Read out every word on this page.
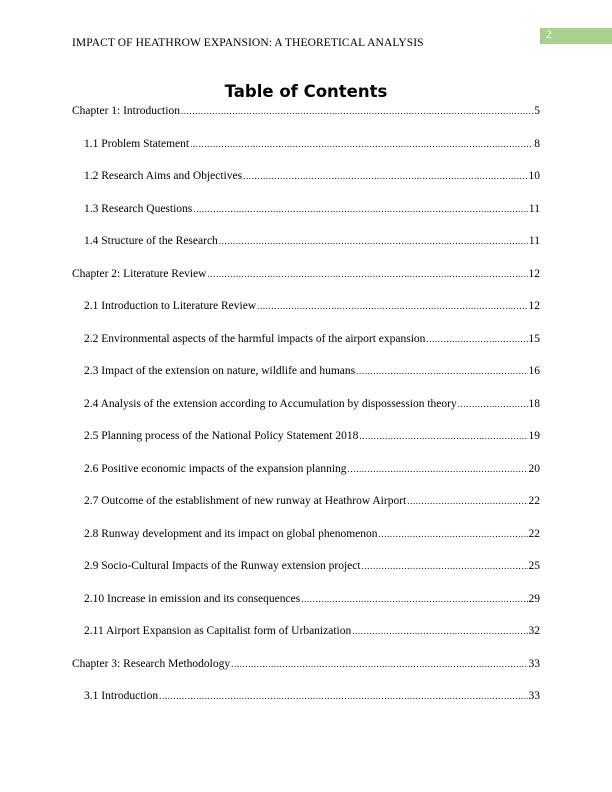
IMPACT OF HEATHROW EXPANSION: A THEORETICAL ANALYSIS
2
Table of Contents
Chapter 1: Introduction .....	5
1.1 Problem Statement .....	8
1.2 Research Aims and Objectives .....	10
1.3 Research Questions .....	11
1.4 Structure of the Research .....	11
Chapter 2: Literature Review .....	12
2.1 Introduction to Literature Review .....	12
2.2 Environmental aspects of the harmful impacts of the airport expansion .....	15
2.3 Impact of the extension on nature, wildlife and humans .....	16
2.4 Analysis of the extension according to Accumulation by dispossession theory .....	18
2.5 Planning process of the National Policy Statement 2018 .....	19
2.6 Positive economic impacts of the expansion planning .....	20
2.7 Outcome of the establishment of new runway at Heathrow Airport .....	22
2.8 Runway development and its impact on global phenomenon .....	22
2.9 Socio-Cultural Impacts of the Runway extension project .....	25
2.10 Increase in emission and its consequences .....	29
2.11 Airport Expansion as Capitalist form of Urbanization .....	32
Chapter 3: Research Methodology .....	33
3.1 Introduction .....	33
